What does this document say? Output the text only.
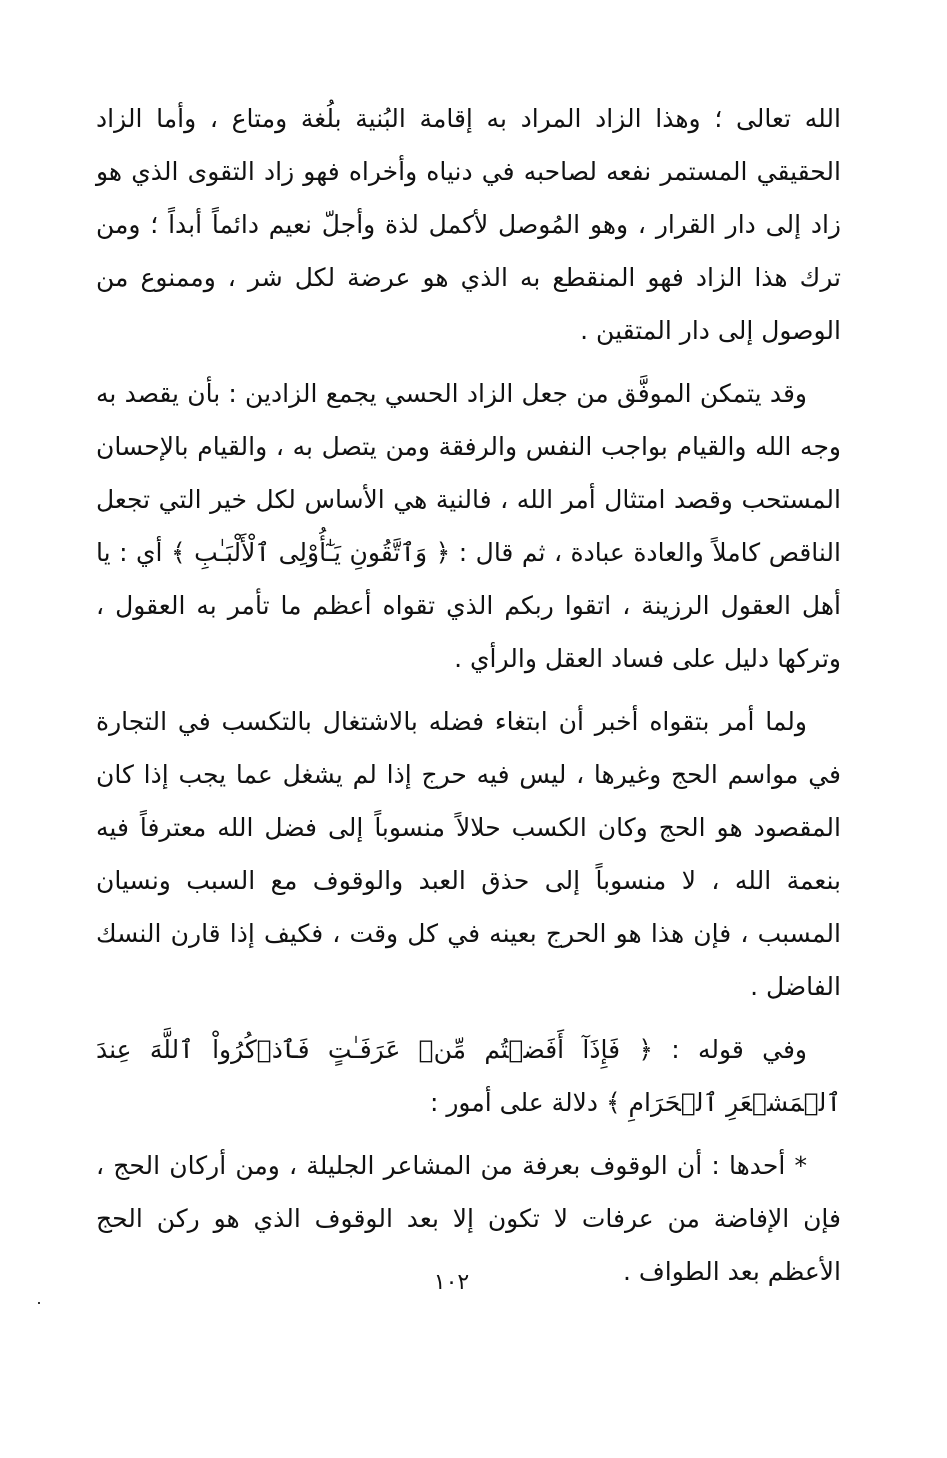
الله تعالى ؛ وهذا الزاد المراد به إقامة البُنية بلُغة ومتاع ، وأما الزاد الحقيقي المستمر نفعه لصاحبه في دنياه وأخراه فهو زاد التقوى الذي هو زاد إلى دار القرار ، وهو المُوصل لأكمل لذة وأجلّ نعيم دائماً أبداً ؛ ومن ترك هذا الزاد فهو المنقطع به الذي هو عرضة لكل شر ، وممنوع من الوصول إلى دار المتقين .

وقد يتمكن الموفَّق من جعل الزاد الحسي يجمع الزادين : بأن يقصد به وجه الله والقيام بواجب النفس والرفقة ومن يتصل به ، والقيام بالإحسان المستحب وقصد امتثال أمر الله ، فالنية هي الأساس لكل خير التي تجعل الناقص كاملاً والعادة عبادة ، ثم قال : ﴿ وَٱتَّقُونِ يَـٰٓأُوْلِى ٱلْأَلْبَـٰبِ ﴾ أي : يا أهل العقول الرزينة ، اتقوا ربكم الذي تقواه أعظم ما تأمر به العقول ، وتركها دليل على فساد العقل والرأي .

ولما أمر بتقواه أخبر أن ابتغاء فضله بالاشتغال بالتكسب في التجارة في مواسم الحج وغيرها ، ليس فيه حرج إذا لم يشغل عما يجب إذا كان المقصود هو الحج وكان الكسب حلالاً منسوباً إلى فضل الله معترفاً فيه بنعمة الله ، لا منسوباً إلى حذق العبد والوقوف مع السبب ونسيان المسبب ، فإن هذا هو الحرج بعينه في كل وقت ، فكيف إذا قارن النسك الفاضل .

وفي قوله : ﴿ فَإِذَآ أَفَضۡتُم مِّنۡ عَرَفَـٰتٍ فَٱذۡكُرُواْ ٱللَّهَ عِندَ ٱلۡمَشۡعَرِ ٱلۡحَرَامِ ﴾ دلالة على أمور :

* أحدها : أن الوقوف بعرفة من المشاعر الجليلة ، ومن أركان الحج ، فإن الإفاضة من عرفات لا تكون إلا بعد الوقوف الذي هو ركن الحج الأعظم بعد الطواف .

١٠٢
